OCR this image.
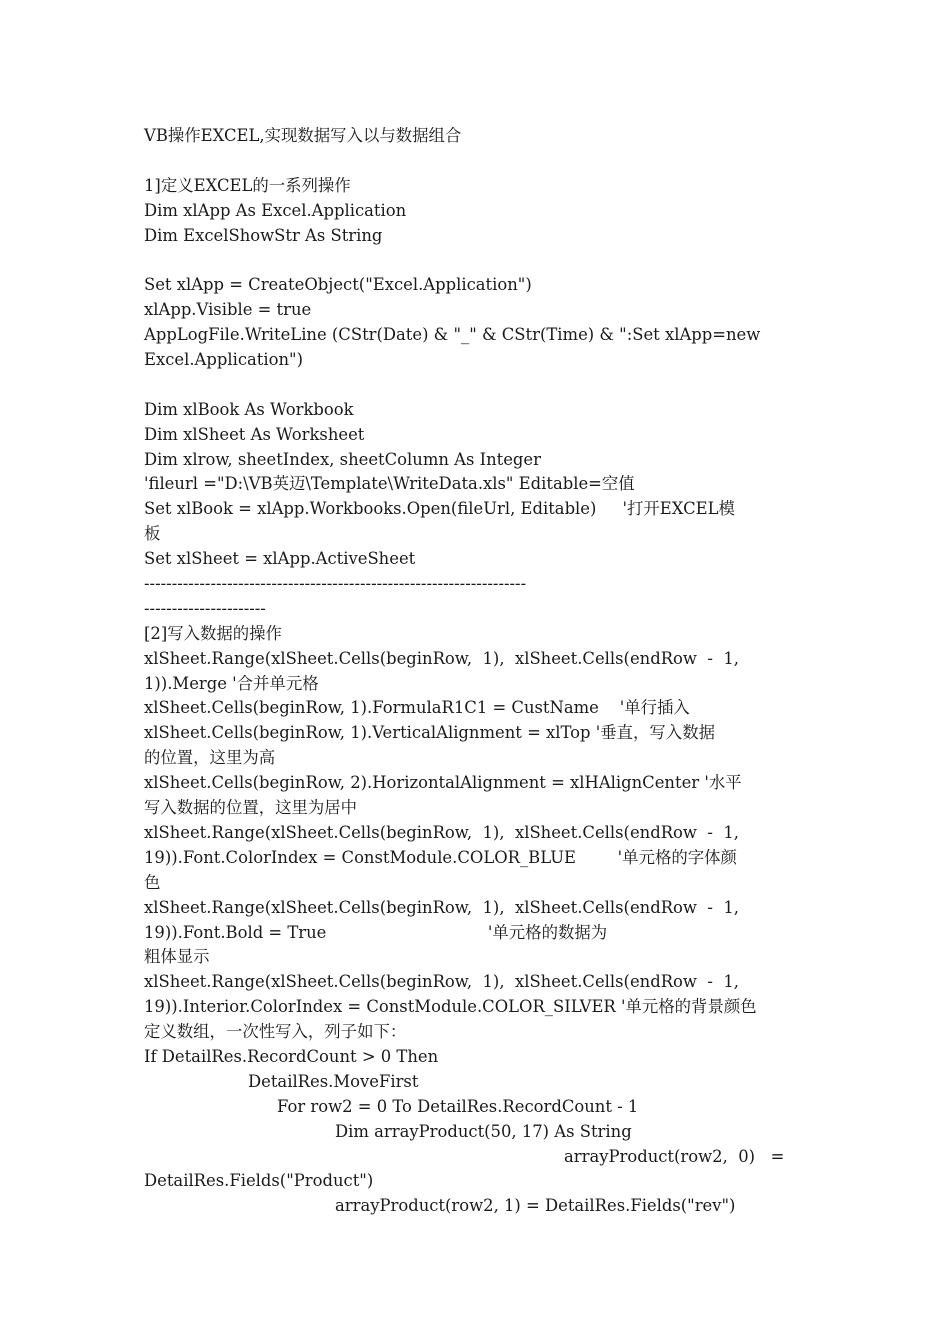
VB操作EXCEL,实现数据写入以与数据组合
1]定义EXCEL的一系列操作
Dim xlApp As Excel.Application
Dim ExcelShowStr As String
Set xlApp = CreateObject("Excel.Application")
xlApp.Visible = true
AppLogFile.WriteLine (CStr(Date) & "_" & CStr(Time) & ":Set xlApp=new
Excel.Application")
Dim xlBook As Workbook
Dim xlSheet As Worksheet
Dim xlrow, sheetIndex, sheetColumn As Integer
'fileurl ="D:\VB英迈\Template\WriteData.xls" Editable=空值
Set xlBook = xlApp.Workbooks.Open(fileUrl, Editable)     '打开EXCEL模
板
Set xlSheet = xlApp.ActiveSheet
---------------------------------------------------------------------
----------------------
[2]写入数据的操作
xlSheet.Range(xlSheet.Cells(beginRow,  1),  xlSheet.Cells(endRow  -  1,
1)).Merge '合并单元格
xlSheet.Cells(beginRow, 1).FormulaR1C1 = CustName    '单行插入
xlSheet.Cells(beginRow, 1).VerticalAlignment = xlTop '垂直，写入数据
的位置，这里为高
xlSheet.Cells(beginRow, 2).HorizontalAlignment = xlHAlignCenter '水平
写入数据的位置，这里为居中
xlSheet.Range(xlSheet.Cells(beginRow,  1),  xlSheet.Cells(endRow  -  1,
19)).Font.ColorIndex = ConstModule.COLOR_BLUE        '单元格的字体颜
色
xlSheet.Range(xlSheet.Cells(beginRow,  1),  xlSheet.Cells(endRow  -  1,
19)).Font.Bold = True                               '单元格的数据为
粗体显示
xlSheet.Range(xlSheet.Cells(beginRow,  1),  xlSheet.Cells(endRow  -  1,
19)).Interior.ColorIndex = ConstModule.COLOR_SILVER '单元格的背景颜色
定义数组，一次性写入，列子如下：
If DetailRes.RecordCount > 0 Then
DetailRes.MoveFirst
For row2 = 0 To DetailRes.RecordCount - 1
Dim arrayProduct(50, 17) As String
arrayProduct(row2,  0)   =
DetailRes.Fields("Product")
arrayProduct(row2, 1) = DetailRes.Fields("rev")
